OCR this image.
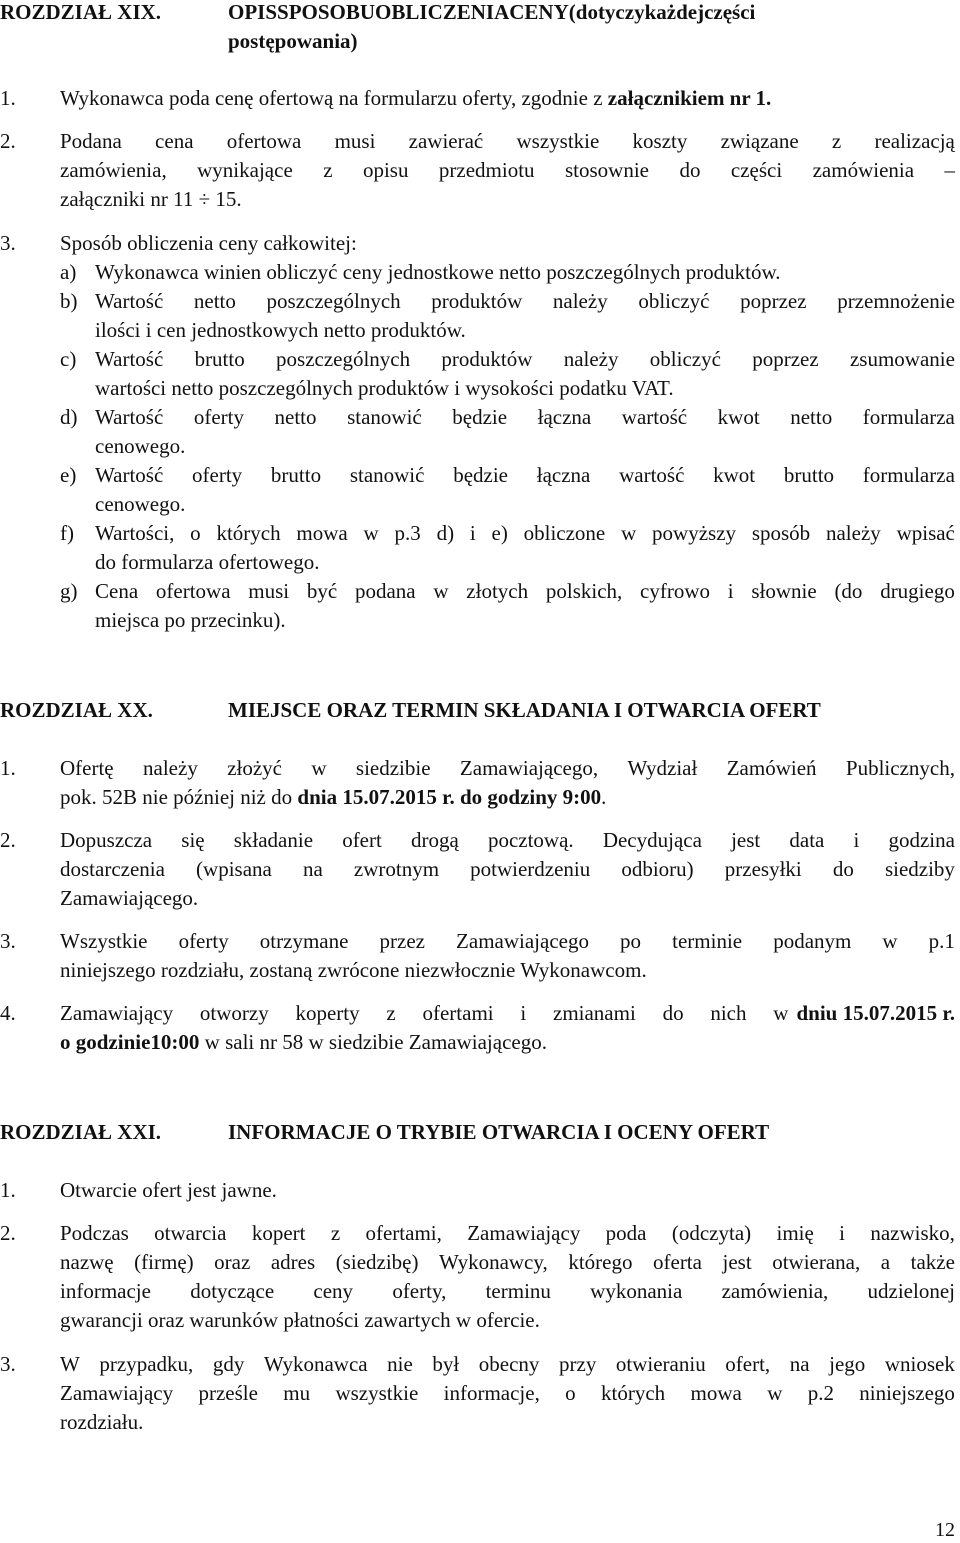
ROZDZIAŁ XIX.	OPIS SPOSOBU OBLICZENIA CENY (dotyczy każdej części
postępowania)
1. Wykonawca poda cenę ofertową na formularzu oferty, zgodnie z załącznikiem nr 1.
2. Podana cena ofertowa musi zawierać wszystkie koszty związane z realizacją
zamówienia, wynikające z opisu przedmiotu stosownie do części zamówienia –
załączniki nr 11 ÷ 15.
3. Sposób obliczenia ceny całkowitej:
a) Wykonawca winien obliczyć ceny jednostkowe netto poszczególnych produktów.
b) Wartość netto poszczególnych produktów należy obliczyć poprzez przemnożenie
ilości i cen jednostkowych netto produktów.
c) Wartość brutto poszczególnych produktów należy obliczyć poprzez zsumowanie
wartości netto poszczególnych produktów i wysokości podatku VAT.
d) Wartość oferty netto stanowić będzie łączna wartość kwot netto formularza
cenowego.
e) Wartość oferty brutto stanowić będzie łączna wartość kwot brutto formularza
cenowego.
f) Wartości, o których mowa w p.3 d) i e) obliczone w powyższy sposób należy wpisać
do formularza ofertowego.
g) Cena ofertowa musi być podana w złotych polskich, cyfrowo i słownie (do drugiego
miejsca po przecinku).
ROZDZIAŁ XX.	MIEJSCE ORAZ TERMIN SKŁADANIA I OTWARCIA OFERT
1. Ofertę należy złożyć w siedzibie Zamawiającego, Wydział Zamówień Publicznych,
pok. 52B nie później niż do dnia 15.07.2015 r. do godziny 9:00.
2. Dopuszcza się składanie ofert drogą pocztową. Decydująca jest data i godzina
dostarczenia (wpisana na zwrotnym potwierdzeniu odbioru) przesyłki do siedziby
Zamawiającego.
3. Wszystkie oferty otrzymane przez Zamawiającego po terminie podanym w p.1
niniejszego rozdziału, zostaną zwrócone niezwłocznie Wykonawcom.
4. Zamawiający otworzy koperty z ofertami i zmianami do nich w dniu 15.07.2015 r.
o godzinie10:00 w sali nr 58 w siedzibie Zamawiającego.
ROZDZIAŁ XXI.	INFORMACJE O TRYBIE OTWARCIA I OCENY OFERT
1. Otwarcie ofert jest jawne.
2. Podczas otwarcia kopert z ofertami, Zamawiający poda (odczyta) imię i nazwisko,
nazwę (firmę) oraz adres (siedzibę) Wykonawcy, którego oferta jest otwierana, a także
informacje dotyczące ceny oferty, terminu wykonania zamówienia, udzielonej
gwarancji oraz warunków płatności zawartych w ofercie.
3. W przypadku, gdy Wykonawca nie był obecny przy otwieraniu ofert, na jego wniosek
Zamawiający prześle mu wszystkie informacje, o których mowa w p.2 niniejszego
rozdziału.
12
